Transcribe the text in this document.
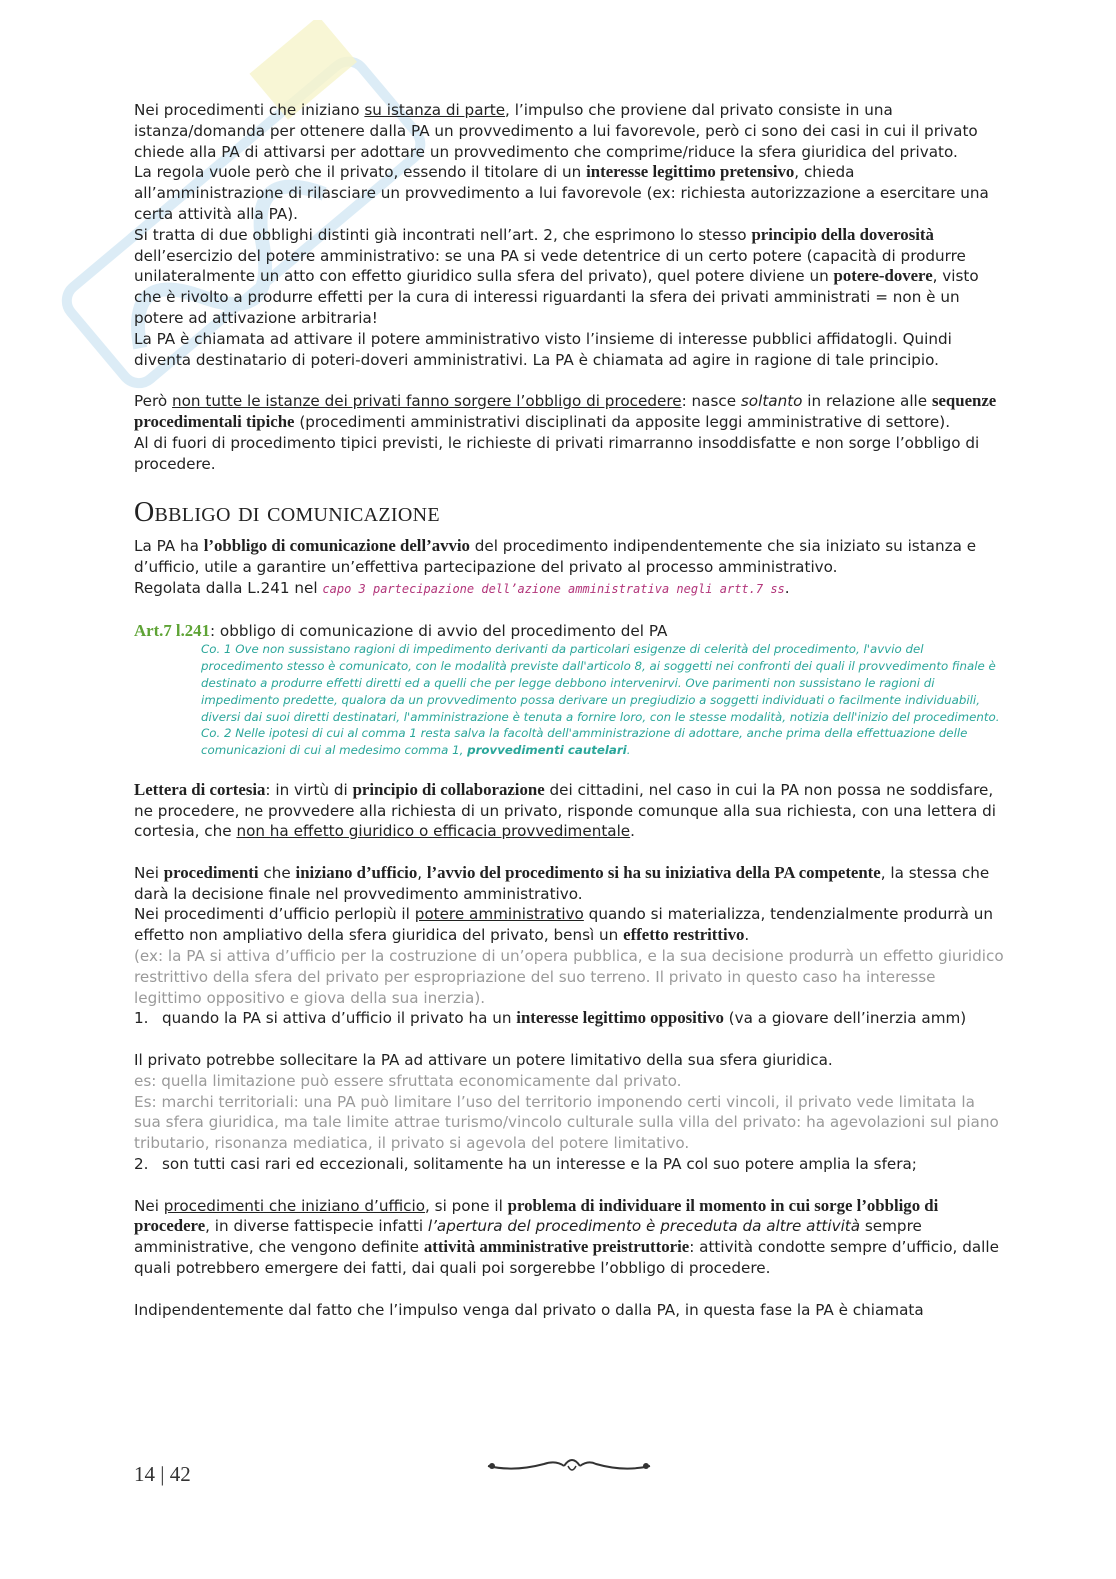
Nei procedimenti che iniziano su istanza di parte, l’impulso che proviene dal privato consiste in una istanza/domanda per ottenere dalla PA un provvedimento a lui favorevole, però ci sono dei casi in cui il privato chiede alla PA di attivarsi per adottare un provvedimento che comprime/riduce la sfera giuridica del privato.

La regola vuole però che il privato, essendo il titolare di un interesse legittimo pretensivo, chieda all’amministrazione di rilasciare un provvedimento a lui favorevole (ex: richiesta autorizzazione a esercitare una certa attività alla PA).

Si tratta di due obblighi distinti già incontrati nell’art. 2, che esprimono lo stesso principio della doverosità dell’esercizio del potere amministrativo: se una PA si vede detentrice di un certo potere (capacità di produrre unilateralmente un atto con effetto giuridico sulla sfera del privato), quel potere diviene un potere-dovere, visto che è rivolto a produrre effetti per la cura di interessi riguardanti la sfera dei privati amministrati = non è un potere ad attivazione arbitraria!

La PA è chiamata ad attivare il potere amministrativo visto l’insieme di interesse pubblici affidatogli. Quindi diventa destinatario di poteri-doveri amministrativi. La PA è chiamata ad agire in ragione di tale principio.

Però non tutte le istanze dei privati fanno sorgere l’obbligo di procedere: nasce soltanto in relazione alle sequenze procedimentali tipiche (procedimenti amministrativi disciplinati da apposite leggi amministrative di settore).

Al di fuori di procedimento tipici previsti, le richieste di privati rimarranno insoddisfatte e non sorge l’obbligo di procedere.

Obbligo di comunicazione

La PA ha l’obbligo di comunicazione dell’avvio del procedimento indipendentemente che sia iniziato su istanza e d’ufficio, utile a garantire un’effettiva partecipazione del privato al processo amministrativo.

Regolata dalla L.241 nel capo 3 partecipazione dell’azione amministrativa negli artt.7 ss.

Art.7 l.241: obbligo di comunicazione di avvio del procedimento del PA

Co. 1 Ove non sussistano ragioni di impedimento derivanti da particolari esigenze di celerità del procedimento, l'avvio del procedimento stesso è comunicato, con le modalità previste dall'articolo 8, ai soggetti nei confronti dei quali il provvedimento finale è destinato a produrre effetti diretti ed a quelli che per legge debbono intervenirvi. Ove parimenti non sussistano le ragioni di impedimento predette, qualora da un provvedimento possa derivare un pregiudizio a soggetti individuati o facilmente individuabili, diversi dai suoi diretti destinatari, l'amministrazione è tenuta a fornire loro, con le stesse modalità, notizia dell'inizio del procedimento.
Co. 2 Nelle ipotesi di cui al comma 1 resta salva la facoltà dell'amministrazione di adottare, anche prima della effettuazione delle comunicazioni di cui al medesimo comma 1, provvedimenti cautelari.

Lettera di cortesia: in virtù di principio di collaborazione dei cittadini, nel caso in cui la PA non possa ne soddisfare, ne procedere, ne provvedere alla richiesta di un privato, risponde comunque alla sua richiesta, con una lettera di cortesia, che non ha effetto giuridico o efficacia provvedimentale.

Nei procedimenti che iniziano d’ufficio, l’avvio del procedimento si ha su iniziativa della PA competente, la stessa che darà la decisione finale nel provvedimento amministrativo.

Nei procedimenti d’ufficio perlopiù il potere amministrativo quando si materializza, tendenzialmente produrrà un effetto non ampliativo della sfera giuridica del privato, bensì un effetto restrittivo.

(ex: la PA si attiva d’ufficio per la costruzione di un’opera pubblica, e la sua decisione produrrà un effetto giuridico restrittivo della sfera del privato per espropriazione del suo terreno. Il privato in questo caso ha interesse legittimo oppositivo e giova della sua inerzia).

1. quando la PA si attiva d’ufficio il privato ha un interesse legittimo oppositivo (va a giovare dell’inerzia amm)

Il privato potrebbe sollecitare la PA ad attivare un potere limitativo della sua sfera giuridica.

es: quella limitazione può essere sfruttata economicamente dal privato.

Es: marchi territoriali: una PA può limitare l’uso del territorio imponendo certi vincoli, il privato vede limitata la sua sfera giuridica, ma tale limite attrae turismo/vincolo culturale sulla villa del privato: ha agevolazioni sul piano tributario, risonanza mediatica, il privato si agevola del potere limitativo.

2. son tutti casi rari ed eccezionali, solitamente ha un interesse e la PA col suo potere amplia la sfera;

Nei procedimenti che iniziano d’ufficio, si pone il problema di individuare il momento in cui sorge l’obbligo di procedere, in diverse fattispecie infatti l’apertura del procedimento è preceduta da altre attività sempre amministrative, che vengono definite attività amministrative preistruttorie: attività condotte sempre d’ufficio, dalle quali potrebbero emergere dei fatti, dai quali poi sorgerebbe l’obbligo di procedere.

Indipendentemente dal fatto che l’impulso venga dal privato o dalla PA, in questa fase la PA è chiamata

14 | 42
